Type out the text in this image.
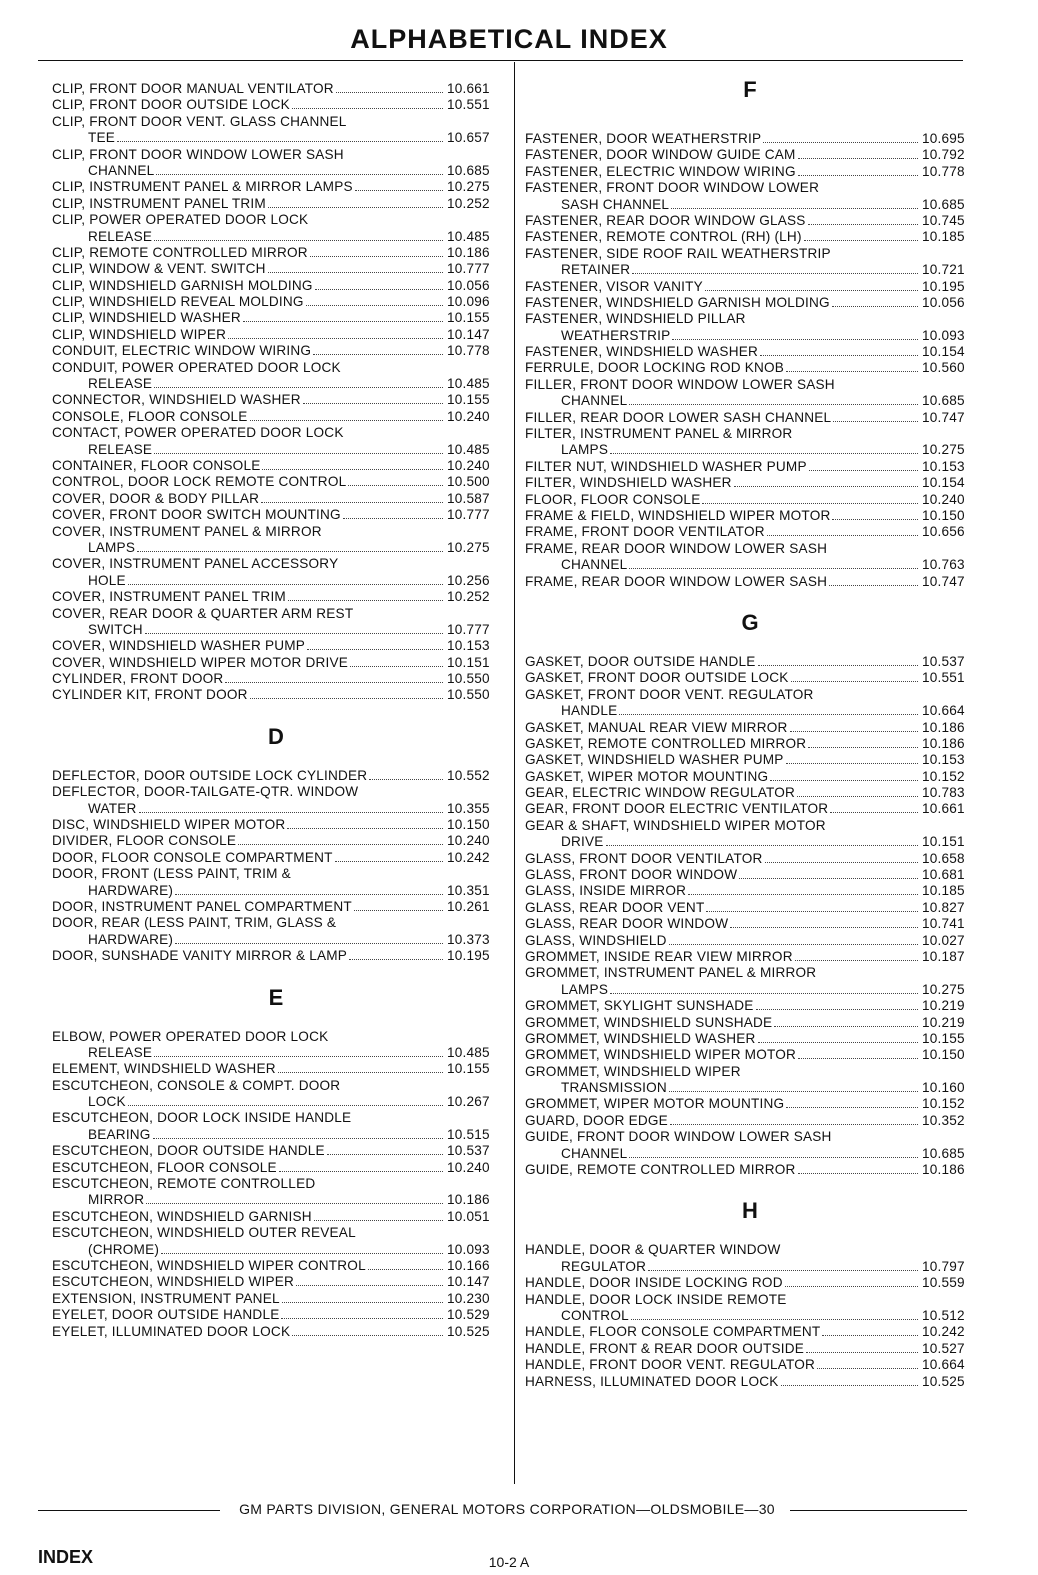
ALPHABETICAL INDEX
CLIP, FRONT DOOR MANUAL VENTILATOR	10.661
CLIP, FRONT DOOR OUTSIDE LOCK	10.551
CLIP, FRONT DOOR VENT. GLASS CHANNEL
TEE	10.657
CLIP, FRONT DOOR WINDOW LOWER SASH
CHANNEL	10.685
CLIP, INSTRUMENT PANEL & MIRROR LAMPS	10.275
CLIP, INSTRUMENT PANEL TRIM	10.252
CLIP, POWER OPERATED DOOR LOCK
RELEASE	10.485
CLIP, REMOTE CONTROLLED MIRROR	10.186
CLIP, WINDOW & VENT. SWITCH	10.777
CLIP, WINDSHIELD GARNISH MOLDING	10.056
CLIP, WINDSHIELD REVEAL MOLDING	10.096
CLIP, WINDSHIELD WASHER	10.155
CLIP, WINDSHIELD WIPER	10.147
CONDUIT, ELECTRIC WINDOW WIRING	10.778
CONDUIT, POWER OPERATED DOOR LOCK
RELEASE	10.485
CONNECTOR, WINDSHIELD WASHER	10.155
CONSOLE, FLOOR CONSOLE	10.240
CONTACT, POWER OPERATED DOOR LOCK
RELEASE	10.485
CONTAINER, FLOOR CONSOLE	10.240
CONTROL, DOOR LOCK REMOTE CONTROL	10.500
COVER, DOOR & BODY PILLAR	10.587
COVER, FRONT DOOR SWITCH MOUNTING	10.777
COVER, INSTRUMENT PANEL & MIRROR
LAMPS	10.275
COVER, INSTRUMENT PANEL ACCESSORY
HOLE	10.256
COVER, INSTRUMENT PANEL TRIM	10.252
COVER, REAR DOOR & QUARTER ARM REST
SWITCH	10.777
COVER, WINDSHIELD WASHER PUMP	10.153
COVER, WINDSHIELD WIPER MOTOR DRIVE	10.151
CYLINDER, FRONT DOOR	10.550
CYLINDER KIT, FRONT DOOR	10.550
D
DEFLECTOR, DOOR OUTSIDE LOCK CYLINDER	10.552
DEFLECTOR, DOOR-TAILGATE-QTR. WINDOW
WATER	10.355
DISC, WINDSHIELD WIPER MOTOR	10.150
DIVIDER, FLOOR CONSOLE	10.240
DOOR, FLOOR CONSOLE COMPARTMENT	10.242
DOOR, FRONT (LESS PAINT, TRIM &
HARDWARE)	10.351
DOOR, INSTRUMENT PANEL COMPARTMENT	10.261
DOOR, REAR (LESS PAINT, TRIM, GLASS &
HARDWARE)	10.373
DOOR, SUNSHADE VANITY MIRROR & LAMP	10.195
E
ELBOW, POWER OPERATED DOOR LOCK
RELEASE	10.485
ELEMENT, WINDSHIELD WASHER	10.155
ESCUTCHEON, CONSOLE & COMPT. DOOR
LOCK	10.267
ESCUTCHEON, DOOR LOCK INSIDE HANDLE
BEARING	10.515
ESCUTCHEON, DOOR OUTSIDE HANDLE	10.537
ESCUTCHEON, FLOOR CONSOLE	10.240
ESCUTCHEON, REMOTE CONTROLLED
MIRROR	10.186
ESCUTCHEON, WINDSHIELD GARNISH	10.051
ESCUTCHEON, WINDSHIELD OUTER REVEAL
(CHROME)	10.093
ESCUTCHEON, WINDSHIELD WIPER CONTROL	10.166
ESCUTCHEON, WINDSHIELD WIPER	10.147
EXTENSION, INSTRUMENT PANEL	10.230
EYELET, DOOR OUTSIDE HANDLE	10.529
EYELET, ILLUMINATED DOOR LOCK	10.525
F
FASTENER, DOOR WEATHERSTRIP	10.695
FASTENER, DOOR WINDOW GUIDE CAM	10.792
FASTENER, ELECTRIC WINDOW WIRING	10.778
FASTENER, FRONT DOOR WINDOW LOWER
SASH CHANNEL	10.685
FASTENER, REAR DOOR WINDOW GLASS	10.745
FASTENER, REMOTE CONTROL (RH) (LH)	10.185
FASTENER, SIDE ROOF RAIL WEATHERSTRIP
RETAINER	10.721
FASTENER, VISOR VANITY	10.195
FASTENER, WINDSHIELD GARNISH MOLDING	10.056
FASTENER, WINDSHIELD PILLAR
WEATHERSTRIP	10.093
FASTENER, WINDSHIELD WASHER	10.154
FERRULE, DOOR LOCKING ROD KNOB	10.560
FILLER, FRONT DOOR WINDOW LOWER SASH
CHANNEL	10.685
FILLER, REAR DOOR LOWER SASH CHANNEL	10.747
FILTER, INSTRUMENT PANEL & MIRROR
LAMPS	10.275
FILTER NUT, WINDSHIELD WASHER PUMP	10.153
FILTER, WINDSHIELD WASHER	10.154
FLOOR, FLOOR CONSOLE	10.240
FRAME & FIELD, WINDSHIELD WIPER MOTOR	10.150
FRAME, FRONT DOOR VENTILATOR	10.656
FRAME, REAR DOOR WINDOW LOWER SASH
CHANNEL	10.763
FRAME, REAR DOOR WINDOW LOWER SASH	10.747
G
GASKET, DOOR OUTSIDE HANDLE	10.537
GASKET, FRONT DOOR OUTSIDE LOCK	10.551
GASKET, FRONT DOOR VENT. REGULATOR
HANDLE	10.664
GASKET, MANUAL REAR VIEW MIRROR	10.186
GASKET, REMOTE CONTROLLED MIRROR	10.186
GASKET, WINDSHIELD WASHER PUMP	10.153
GASKET, WIPER MOTOR MOUNTING	10.152
GEAR, ELECTRIC WINDOW REGULATOR	10.783
GEAR, FRONT DOOR ELECTRIC VENTILATOR	10.661
GEAR & SHAFT, WINDSHIELD WIPER MOTOR
DRIVE	10.151
GLASS, FRONT DOOR VENTILATOR	10.658
GLASS, FRONT DOOR WINDOW	10.681
GLASS, INSIDE MIRROR	10.185
GLASS, REAR DOOR VENT	10.827
GLASS, REAR DOOR WINDOW	10.741
GLASS, WINDSHIELD	10.027
GROMMET, INSIDE REAR VIEW MIRROR	10.187
GROMMET, INSTRUMENT PANEL & MIRROR
LAMPS	10.275
GROMMET, SKYLIGHT SUNSHADE	10.219
GROMMET, WINDSHIELD SUNSHADE	10.219
GROMMET, WINDSHIELD WASHER	10.155
GROMMET, WINDSHIELD WIPER MOTOR	10.150
GROMMET, WINDSHIELD WIPER
TRANSMISSION	10.160
GROMMET, WIPER MOTOR MOUNTING	10.152
GUARD, DOOR EDGE	10.352
GUIDE, FRONT DOOR WINDOW LOWER SASH
CHANNEL	10.685
GUIDE, REMOTE CONTROLLED MIRROR	10.186
H
HANDLE, DOOR & QUARTER WINDOW
REGULATOR	10.797
HANDLE, DOOR INSIDE LOCKING ROD	10.559
HANDLE, DOOR LOCK INSIDE REMOTE
CONTROL	10.512
HANDLE, FLOOR CONSOLE COMPARTMENT	10.242
HANDLE, FRONT & REAR DOOR OUTSIDE	10.527
HANDLE, FRONT DOOR VENT. REGULATOR	10.664
HARNESS, ILLUMINATED DOOR LOCK	10.525
GM PARTS DIVISION, GENERAL MOTORS CORPORATION—OLDSMOBILE—30
INDEX	10-2 A
